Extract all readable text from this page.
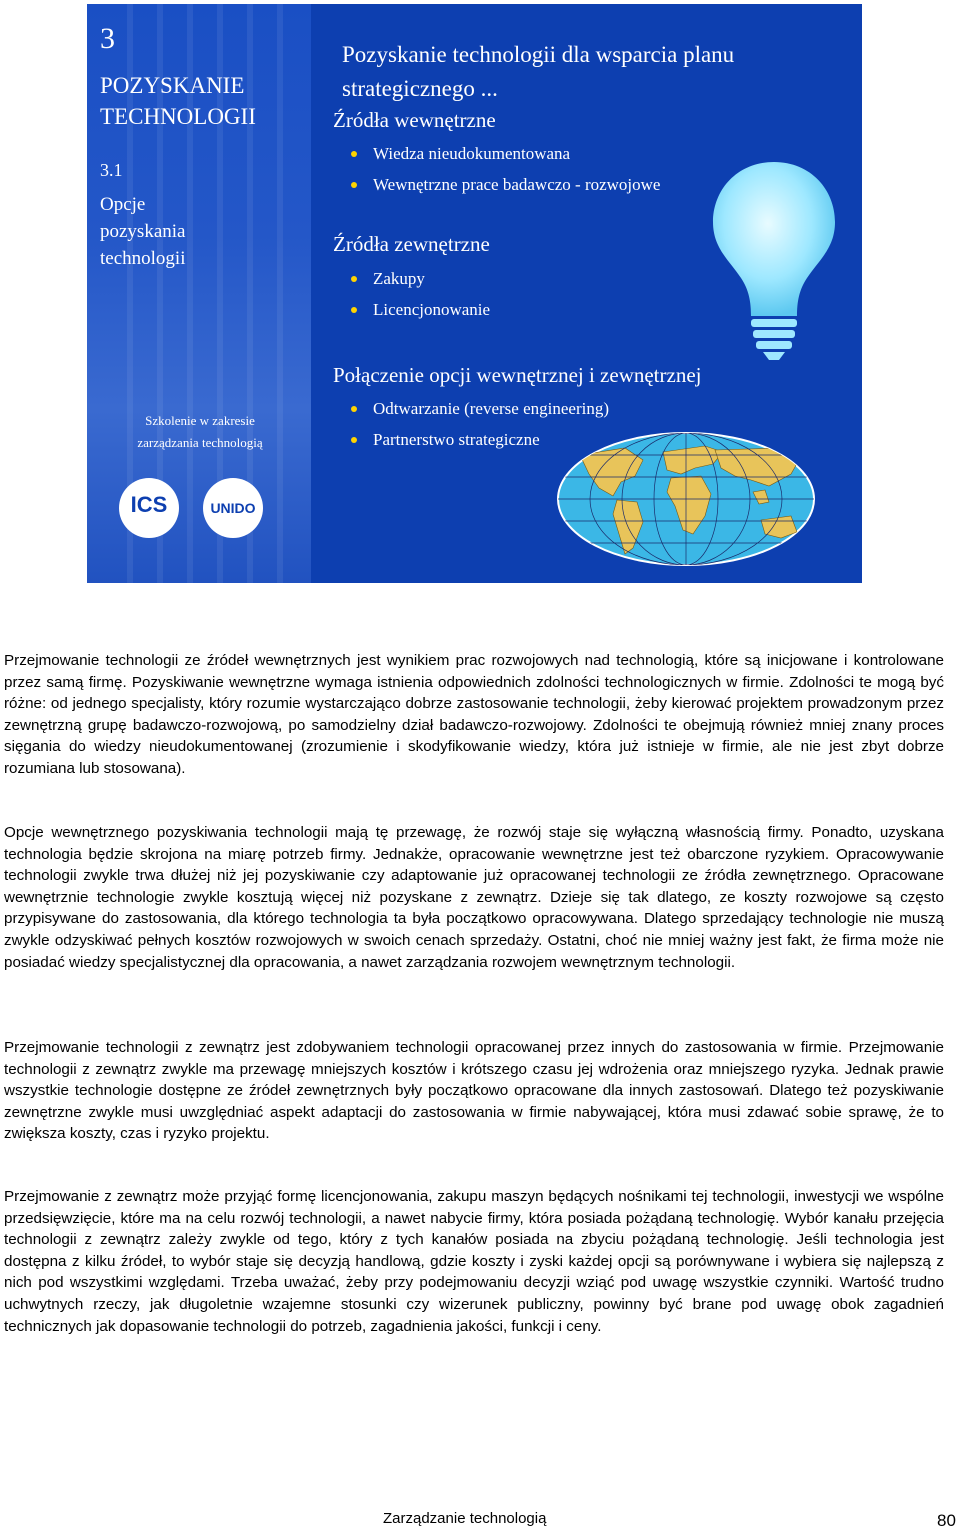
3
POZYSKANIE
TECHNOLOGII
3.1
Opcje
pozyskania
technologii
Szkolenie w zakresie
zarządzania technologią
ICS	UNIDO
Pozyskanie technologii dla wsparcia planu
strategicznego ...
Źródła wewnętrzne
Wiedza nieudokumentowana
Wewnętrzne prace badawczo - rozwojowe
Źródła zewnętrzne
Zakupy
Licencjonowanie
Połączenie opcji wewnętrznej i zewnętrznej
Odtwarzanie (reverse engineering)
Partnerstwo strategiczne

Przejmowanie technologii ze źródeł wewnętrznych jest wynikiem prac rozwojowych nad technologią, które są inicjowane i kontrolowane przez samą firmę. Pozyskiwanie wewnętrzne wymaga istnienia odpowiednich zdolności technologicznych w firmie. Zdolności te mogą być różne: od jednego specjalisty, który rozumie wystarczająco dobrze zastosowanie technologii, żeby kierować projektem prowadzonym przez zewnętrzną grupę badawczo-rozwojową, po samodzielny dział badawczo-rozwojowy. Zdolności te obejmują również mniej znany proces sięgania do wiedzy nieudokumentowanej (zrozumienie i skodyfikowanie wiedzy, która już istnieje w firmie, ale nie jest zbyt dobrze rozumiana lub stosowana).

Opcje wewnętrznego pozyskiwania technologii mają tę przewagę, że rozwój staje się wyłączną własnością firmy. Ponadto, uzyskana technologia będzie skrojona na miarę potrzeb firmy. Jednakże, opracowanie wewnętrzne jest też obarczone ryzykiem. Opracowywanie technologii zwykle trwa dłużej niż jej pozyskiwanie czy adaptowanie już opracowanej technologii ze źródła zewnętrznego. Opracowane wewnętrznie technologie zwykle kosztują więcej niż pozyskane z zewnątrz. Dzieje się tak dlatego, ze koszty rozwojowe są często przypisywane do zastosowania, dla którego technologia ta była początkowo opracowywana. Dlatego sprzedający technologie nie muszą zwykle odzyskiwać pełnych kosztów rozwojowych w swoich cenach sprzedaży. Ostatni, choć nie mniej ważny jest fakt, że firma może nie posiadać wiedzy specjalistycznej dla opracowania, a nawet zarządzania rozwojem wewnętrznym technologii.

Przejmowanie technologii z zewnątrz jest zdobywaniem technologii opracowanej przez innych do zastosowania w firmie. Przejmowanie technologii z zewnątrz zwykle ma przewagę mniejszych kosztów i krótszego czasu jej wdrożenia oraz mniejszego ryzyka. Jednak prawie wszystkie technologie dostępne ze źródeł zewnętrznych były początkowo opracowane dla innych zastosowań. Dlatego też pozyskiwanie zewnętrzne zwykle musi uwzględniać aspekt adaptacji do zastosowania w firmie nabywającej, która musi zdawać sobie sprawę, że to zwiększa koszty, czas i ryzyko projektu.

Przejmowanie z zewnątrz może przyjąć formę licencjonowania, zakupu maszyn będących nośnikami tej technologii, inwestycji we wspólne przedsięwzięcie, które ma na celu rozwój technologii, a nawet nabycie firmy, która posiada pożądaną technologię. Wybór kanału przejęcia technologii z zewnątrz zależy zwykle od tego, który z tych kanałów posiada na zbyciu pożądaną technologię. Jeśli technologia jest dostępna z kilku źródeł, to wybór staje się decyzją handlową, gdzie koszty i zyski każdej opcji są porównywane i wybiera się najlepszą z nich pod wszystkimi względami. Trzeba uważać, żeby przy podejmowaniu decyzji wziąć pod uwagę wszystkie czynniki. Wartość trudno uchwytnych rzeczy, jak długoletnie wzajemne stosunki czy wizerunek publiczny, powinny być brane pod uwagę obok zagadnień technicznych jak dopasowanie technologii do potrzeb, zagadnienia jakości, funkcji i ceny.

Zarządzanie technologią	80
